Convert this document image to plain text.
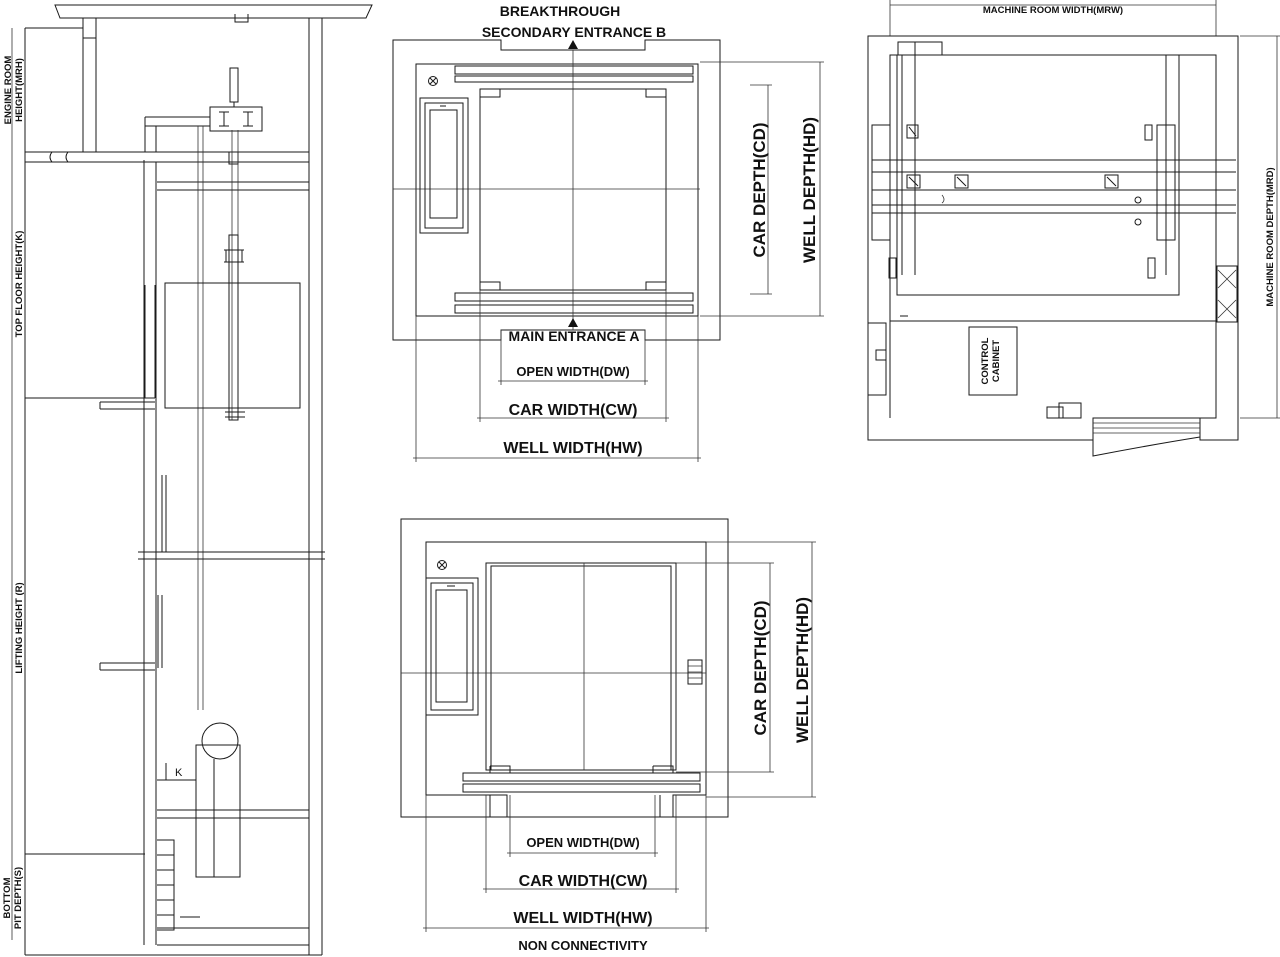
ENGINE ROOM HEIGHT(MRH)
TOP FLOOR HEIGHT(K)
LIFTING HEIGHT (R)
BOTTOM PIT DEPTH(S)
K
BREAKTHROUGH
SECONDARY ENTRANCE B
MAIN ENTRANCE A
OPEN WIDTH(DW)
CAR WIDTH(CW)
WELL WIDTH(HW)
CAR DEPTH(CD) WELL DEPTH(HD)
OPEN WIDTH(DW)
CAR WIDTH(CW)
WELL WIDTH(HW)
NON CONNECTIVITY
CAR DEPTH(CD) WELL DEPTH(HD)
MACHINE ROOM WIDTH(MRW)
MACHINE ROOM DEPTH(MRD)
CONTROL CABINET
